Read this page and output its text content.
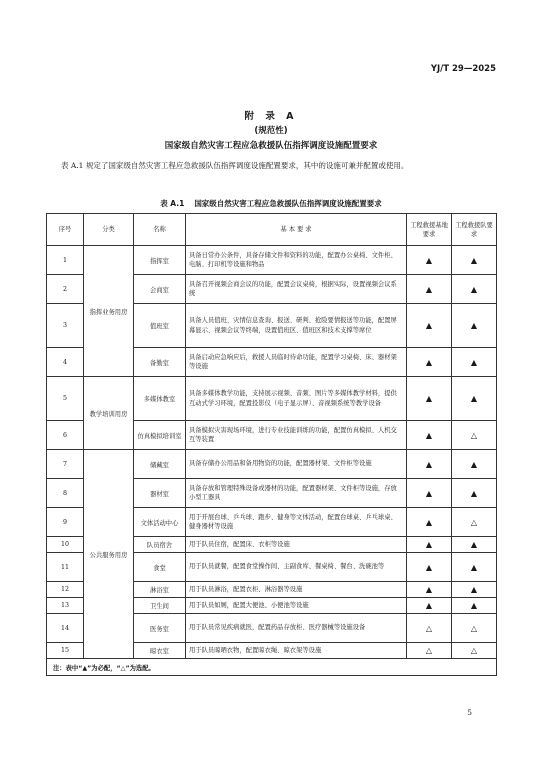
YJ/T 29—2025
附 录 A
(规范性)
国家级自然灾害工程应急救援队伍指挥调度设施配置要求
表 A.1 规定了国家级自然灾害工程应急救援队伍指挥调度设施配置要求，其中的设施可兼并配置或使用。
表 A.1 国家级自然灾害工程应急救援队伍指挥调度设施配置要求
序号	分类	名称	基 本 要 求	工程救援基地要求	工程救援队要求
1	指挥业务用房	指挥室	具备日常办公条件，具备存储文件和资料的功能，配置办公桌椅、文件柜、电脑、打印机等设施和物品	▲	▲
2		会商室	具备召开视频会商会议的功能，配置会议桌椅，根据实际，设置视频会议系统	▲	▲
3		值班室	具备人员值班、灾情信息查询、报送、研判、抢险要情报送等功能，配置屏幕显示、视频会议等终端，设置值班区、值班区和技术支撑等席位	▲	▲
4		备勤室	具备启动应急响应后，救援人员临时待命功能，配置学习桌椅、床、器材架等设施	▲	▲
5	教学培训用房	多媒体教室	具备多媒体教学功能，支持展示视频、音频、图片等多媒体教学材料，提供互动式学习环境，配置投影仪（电子显示屏）、音视频系统等教学设备	▲	▲
6		仿真模拟培训室	具备模拟灾害现场环境，进行专业技能训练的功能，配置仿真模拟、人机交互等装置	▲	△
7	公共服务用房	储藏室	具备存储办公用品和备用物资的功能，配置器材架、文件柜等设施	▲	▲
8		器材室	具备存放和管理特殊设备或器材的功能，配置器材架、文件柜等设施，存放小型工器具	▲	▲
9		文体活动中心	用于开展台球、乒乓球、跑步、健身等文体活动，配置台球桌、乒乓球桌、健身器材等设施	▲	△
10		队员宿舍	用于队员住宿，配置床、衣柜等设施	▲	▲
11		食堂	用于队员就餐，配置食堂操作间、主副食库、餐桌椅、餐台、洗碗池等	▲	▲
12		淋浴室	用于队员淋浴，配置衣柜、淋浴器等设施	▲	▲
13		卫生间	用于队员如厕，配置大便池、小便池等设施	▲	▲
14		医务室	用于队员常见疾病就医，配置药品存放柜、医疗器械等设施设备	△	△
15		晾衣室	用于队员晾晒衣物，配置晾衣绳、晾衣架等设施	△	△
注：表中“▲”为必配，“△”为选配。					
5
